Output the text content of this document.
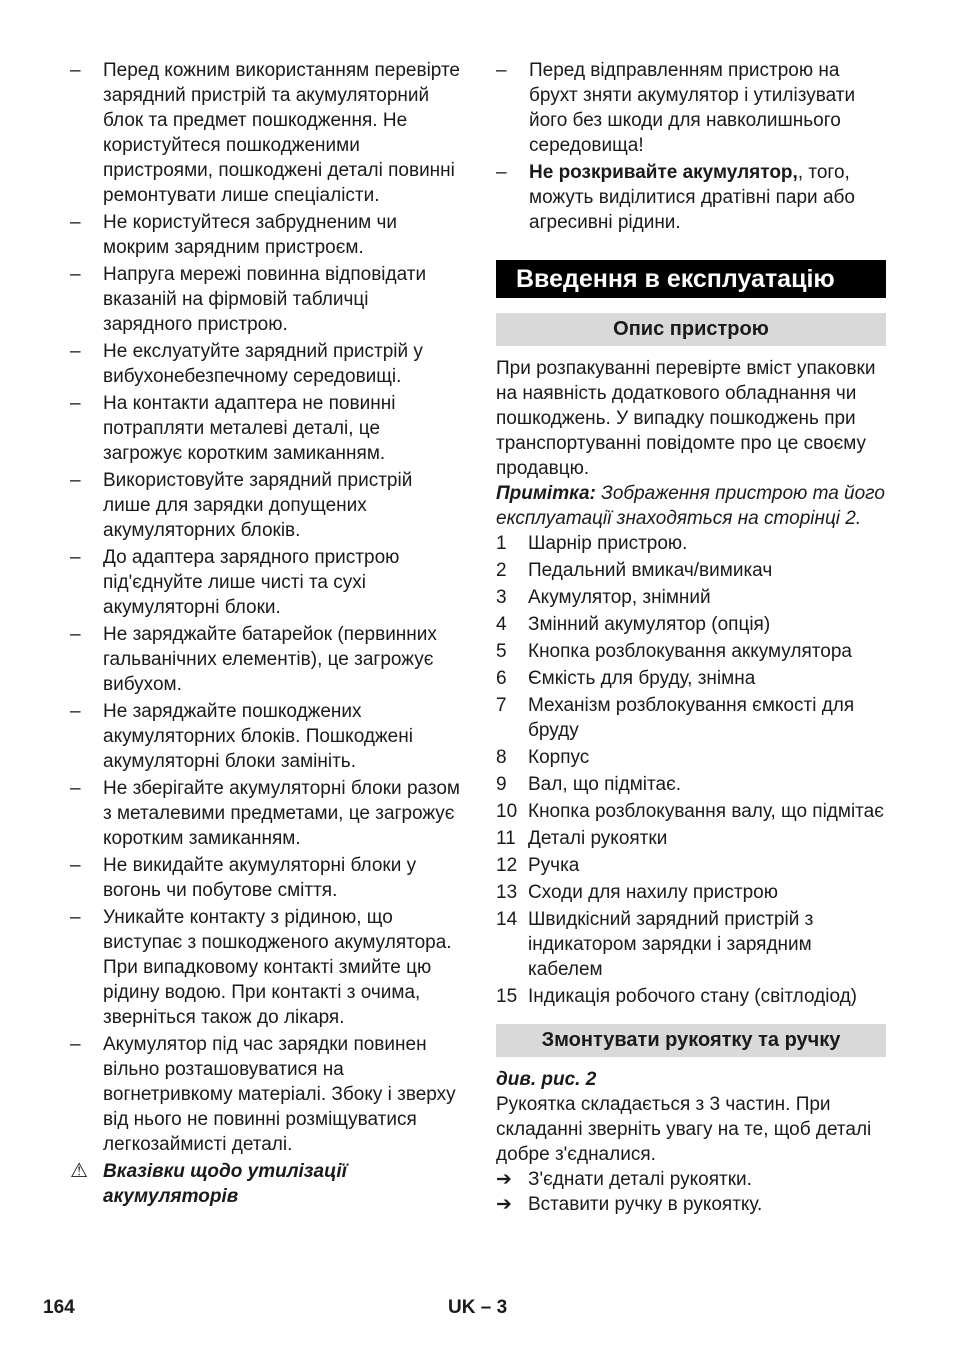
–	Перед кожним використанням перевірте зарядний пристрій та акумуляторний блок та предмет пошкодження. Не користуйтеся пошкодженими пристроями, пошкоджені деталі повинні ремонтувати лише спеціалісти.
–	Не користуйтеся забрудненим чи мокрим зарядним пристроєм.
–	Напруга мережі повинна відповідати вказаній на фірмовій табличці зарядного пристрою.
–	Не екслуатуйте зарядний пристрій у вибухонебезпечному середовищі.
–	На контакти адаптера не повинні потрапляти металеві деталі, це загрожує коротким замиканням.
–	Використовуйте зарядний пристрій лише для зарядки допущених акумуляторних блоків.
–	До адаптера зарядного пристрою під'єднуйте лише чисті та сухі акумуляторні блоки.
–	Не заряджайте батарейок (первинних гальванічних елементів), це загрожує вибухом.
–	Не заряджайте пошкоджених акумуляторних блоків. Пошкоджені акумуляторні блоки замініть.
–	Не зберігайте акумуляторні блоки разом з металевими предметами, це загрожує коротким замиканням.
–	Не викидайте акумуляторні блоки у вогонь чи побутове сміття.
–	Уникайте контакту з рідиною, що виступає з пошкодженого акумулятора. При випадковому контакті змийте цю рідину водою. При контакті з очима, зверніться також до лікаря.
–	Акумулятор під час зарядки повинен вільно розташовуватися на вогнетривкому матеріалі. Збоку і зверху від нього не повинні розміщуватися легкозаймисті деталі.
⚠ Вказівки щодо утилізації акумуляторів
–	Перед відправленням пристрою на брухт зняти акумулятор і утилізувати його без шкоди для навколишнього середовища!
–	Не розкривайте акумулятор,, того, можуть виділитися дратівні пари або агресивні рідини.
Введення в експлуатацію
Опис пристрою
При розпакуванні перевірте вміст упаковки на наявність додаткового обладнання чи пошкоджень. У випадку пошкоджень при транспортуванні повідомте про це своєму продавцю.
Примітка: Зображення пристрою та його експлуатації знаходяться на сторінці 2.
1	Шарнір пристрою.
2	Педальний вмикач/вимикач
3	Акумулятор, знімний
4	Змінний акумулятор (опція)
5	Кнопка розблокування аккумулятора
6	Ємкість для бруду, знімна
7	Механізм розблокування ємкості для бруду
8	Корпус
9	Вал, що підмітає.
10 Кнопка розблокування валу, що підмітає
11 Деталі рукоятки
12 Ручка
13 Сходи для нахилу пристрою
14 Швидкісний зарядний пристрій з індикатором зарядки і зарядним кабелем
15 Індикація робочого стану (світлодіод)
Змонтувати рукоятку та ручку
див. рис. 2
Рукоятка складається з 3 частин. При складанні зверніть увагу на те, щоб деталі добре з'єдналися.
➔ З'єднати деталі рукоятки.
➔ Вставити ручку в рукоятку.
164	UK – 3
